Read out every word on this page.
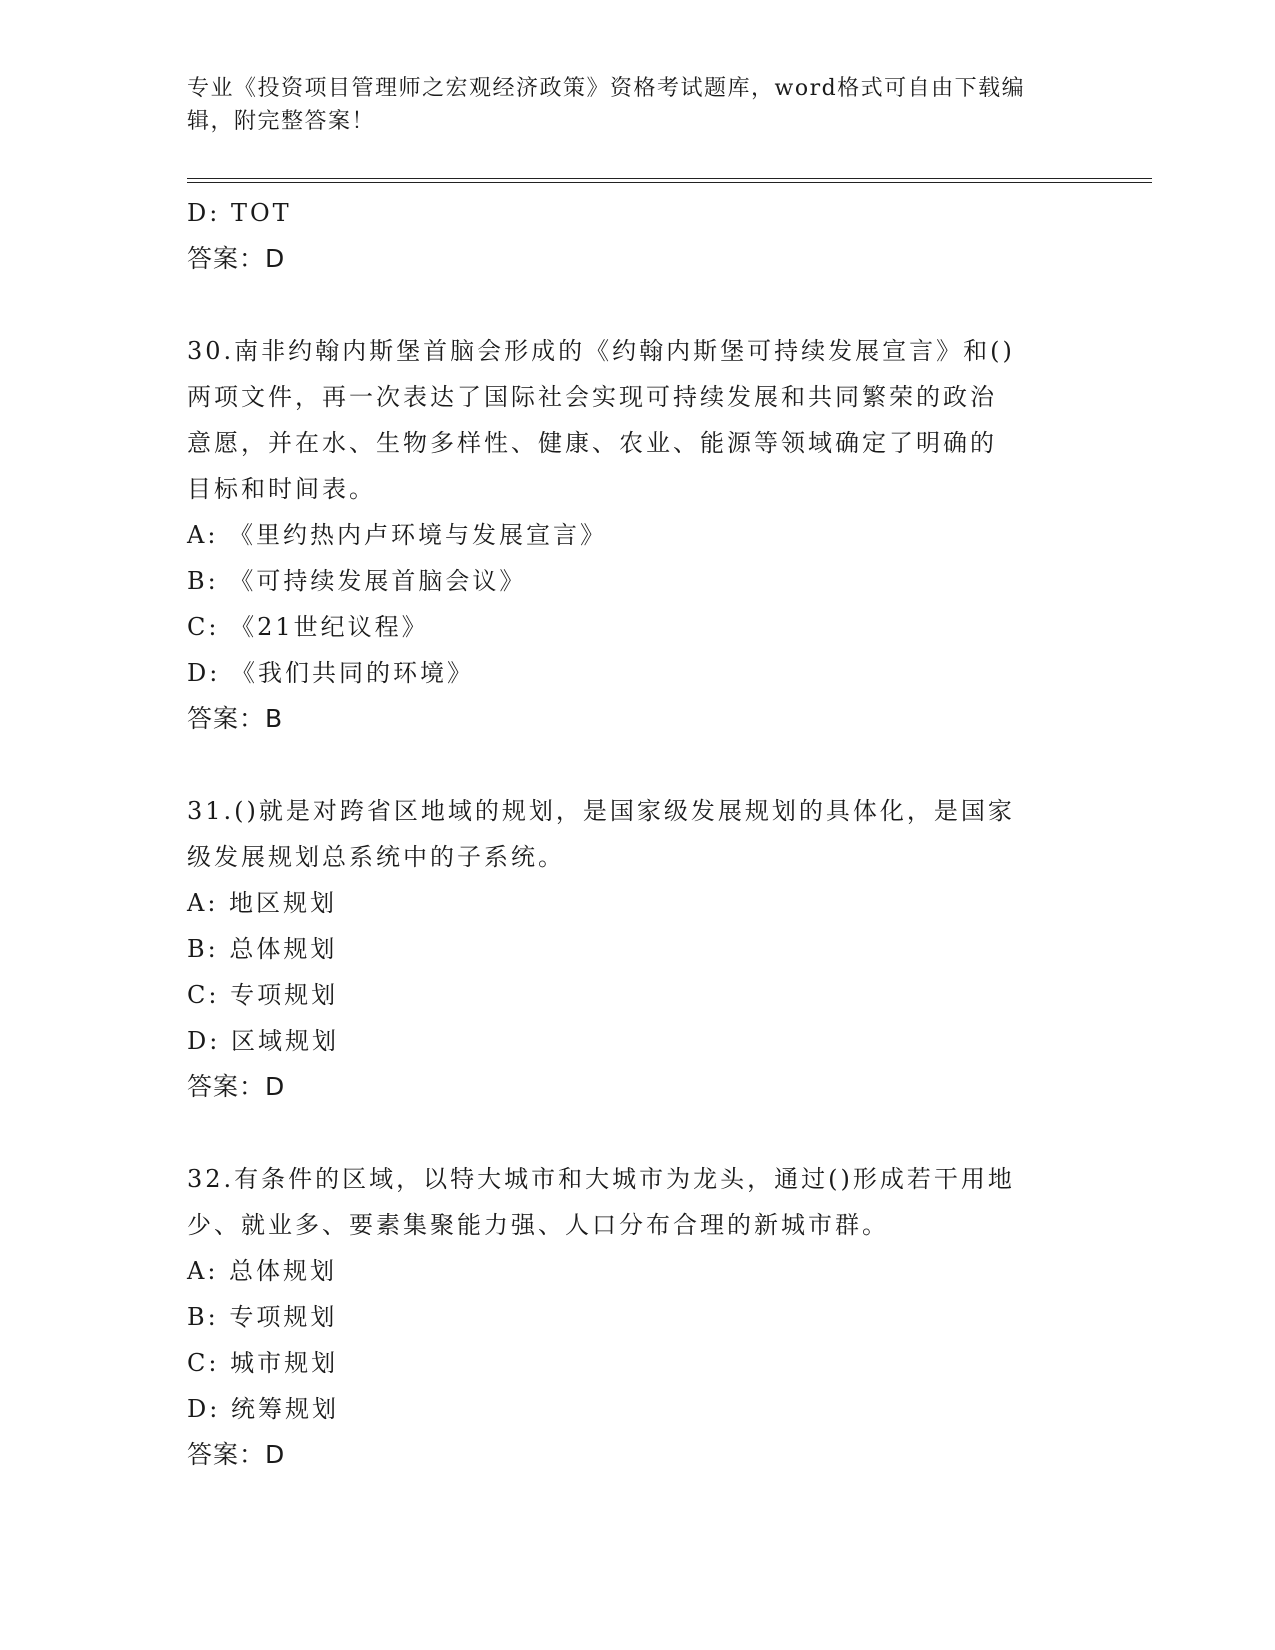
专业《投资项目管理师之宏观经济政策》资格考试题库，word格式可自由下载编
辑，附完整答案！
D: TOT
答案：D
30.南非约翰内斯堡首脑会形成的《约翰内斯堡可持续发展宣言》和()
两项文件，再一次表达了国际社会实现可持续发展和共同繁荣的政治
意愿，并在水、生物多样性、健康、农业、能源等领域确定了明确的
目标和时间表。
A: 《里约热内卢环境与发展宣言》
B: 《可持续发展首脑会议》
C: 《21世纪议程》
D: 《我们共同的环境》
答案：B
31.()就是对跨省区地域的规划，是国家级发展规划的具体化，是国家
级发展规划总系统中的子系统。
A: 地区规划
B: 总体规划
C: 专项规划
D: 区域规划
答案：D
32.有条件的区域，以特大城市和大城市为龙头，通过()形成若干用地
少、就业多、要素集聚能力强、人口分布合理的新城市群。
A: 总体规划
B: 专项规划
C: 城市规划
D: 统筹规划
答案：D
